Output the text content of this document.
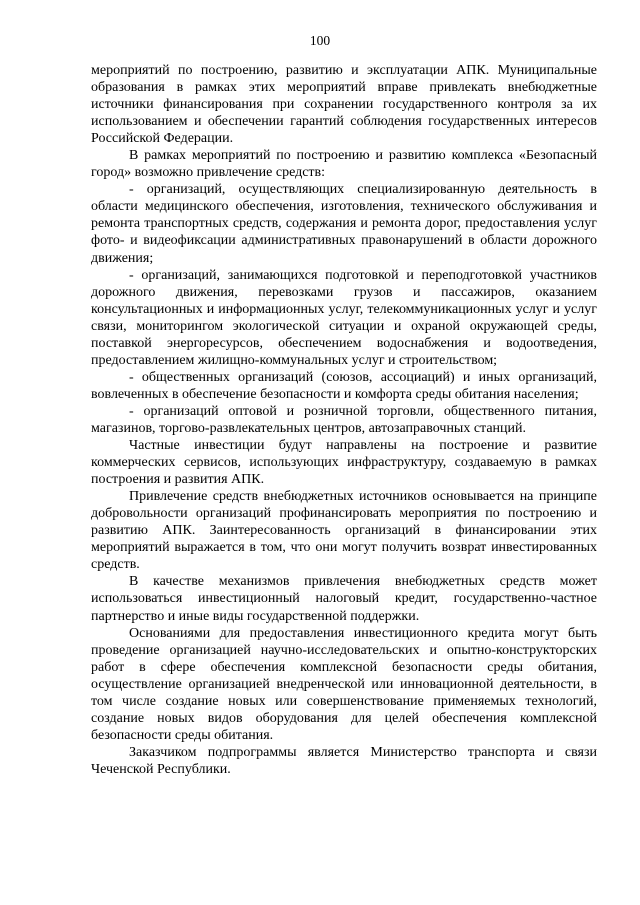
100

мероприятий по построению, развитию и эксплуатации АПК. Муниципальные образования в рамках этих мероприятий вправе привлекать внебюджетные источники финансирования при сохранении государственного контроля за их использованием и обеспечении гарантий соблюдения государственных интересов Российской Федерации.

В рамках мероприятий по построению и развитию комплекса «Безопасный город» возможно привлечение средств:

- организаций, осуществляющих специализированную деятельность в области медицинского обеспечения, изготовления, технического обслуживания и ремонта транспортных средств, содержания и ремонта дорог, предоставления услуг фото- и видеофиксации административных правонарушений в области дорожного движения;

- организаций, занимающихся подготовкой и переподготовкой участников дорожного движения, перевозками грузов и пассажиров, оказанием консультационных и информационных услуг, телекоммуникационных услуг и услуг связи, мониторингом экологической ситуации и охраной окружающей среды, поставкой энергоресурсов, обеспечением водоснабжения и водоотведения, предоставлением жилищно-коммунальных услуг и строительством;

- общественных организаций (союзов, ассоциаций) и иных организаций, вовлеченных в обеспечение безопасности и комфорта среды обитания населения;

- организаций оптовой и розничной торговли, общественного питания, магазинов, торгово-развлекательных центров, автозаправочных станций.

Частные инвестиции будут направлены на построение и развитие коммерческих сервисов, использующих инфраструктуру, создаваемую в рамках построения и развития АПК.

Привлечение средств внебюджетных источников основывается на принципе добровольности организаций профинансировать мероприятия по построению и развитию АПК. Заинтересованность организаций в финансировании этих мероприятий выражается в том, что они могут получить возврат инвестированных средств.

В качестве механизмов привлечения внебюджетных средств может использоваться инвестиционный налоговый кредит, государственно-частное партнерство и иные виды государственной поддержки.

Основаниями для предоставления инвестиционного кредита могут быть проведение организацией научно-исследовательских и опытно-конструкторских работ в сфере обеспечения комплексной безопасности среды обитания, осуществление организацией внедренческой или инновационной деятельности, в том числе создание новых или совершенствование применяемых технологий, создание новых видов оборудования для целей обеспечения комплексной безопасности среды обитания.

Заказчиком подпрограммы является Министерство транспорта и связи Чеченской Республики.
